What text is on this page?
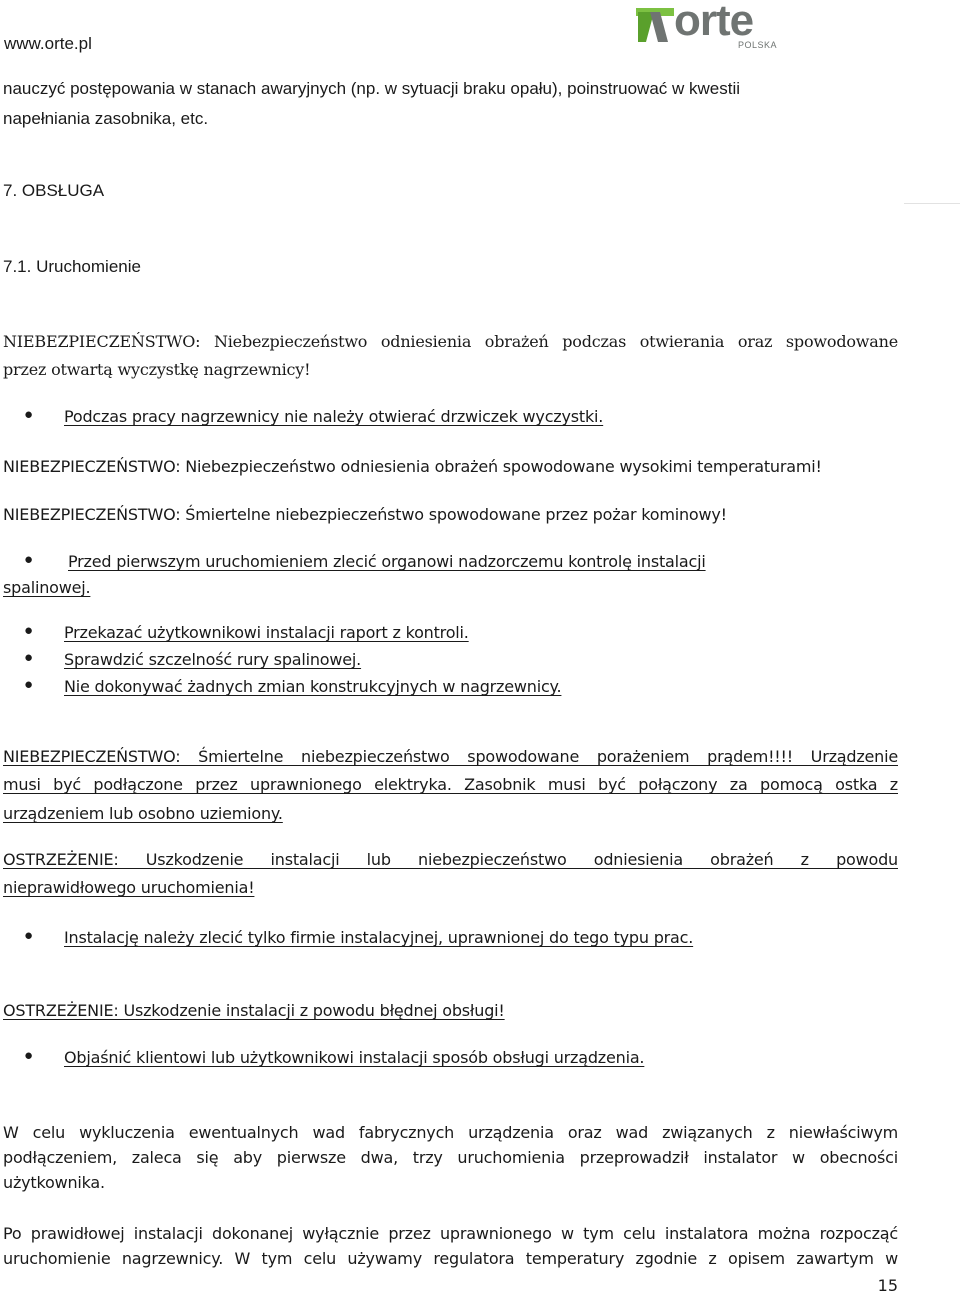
www.orte.pl	orte
POLSKA

nauczyć postępowania w stanach awaryjnych (np. w sytuacji braku opału), poinstruować w kwestii

napełniania zasobnika, etc.

7. OBSŁUGA

7.1. Uruchomienie

NIEBEZPIECZEŃSTWO: Niebezpieczeństwo odniesienia obrażeń podczas otwierania oraz spowodowane

przez otwartą wyczystkę nagrzewnicy!

● Podczas pracy nagrzewnicy nie należy otwierać drzwiczek wyczystki.

NIEBEZPIECZEŃSTWO: Niebezpieczeństwo odniesienia obrażeń spowodowane wysokimi temperaturami!

NIEBEZPIECZEŃSTWO: Śmiertelne niebezpieczeństwo spowodowane przez pożar kominowy!

● Przed pierwszym uruchomieniem zlecić organowi nadzorczemu kontrolę instalacji
spalinowej.
● Przekazać użytkownikowi instalacji raport z kontroli.
● Sprawdzić szczelność rury spalinowej.
● Nie dokonywać żadnych zmian konstrukcyjnych w nagrzewnicy.

NIEBEZPIECZEŃSTWO: Śmiertelne niebezpieczeństwo spowodowane porażeniem prądem!!!! Urządzenie

musi być podłączone przez uprawnionego elektryka. Zasobnik musi być połączony za pomocą ostka z

urządzeniem lub osobno uziemiony.

OSTRZEŻENIE: Uszkodzenie instalacji lub niebezpieczeństwo odniesienia obrażeń z powodu

nieprawidłowego uruchomienia!

● Instalację należy zlecić tylko firmie instalacyjnej, uprawnionej do tego typu prac.

OSTRZEŻENIE: Uszkodzenie instalacji z powodu błędnej obsługi!

● Objaśnić klientowi lub użytkownikowi instalacji sposób obsługi urządzenia.

W celu wykluczenia ewentualnych wad fabrycznych urządzenia oraz wad związanych z niewłaściwym

podłączeniem, zaleca się aby pierwsze dwa, trzy uruchomienia przeprowadził instalator w obecności

użytkownika.

Po prawidłowej instalacji dokonanej wyłącznie przez uprawnionego w tym celu instalatora można rozpocząć

uruchomienie nagrzewnicy. W tym celu używamy regulatora temperatury zgodnie z opisem zawartym w

15
